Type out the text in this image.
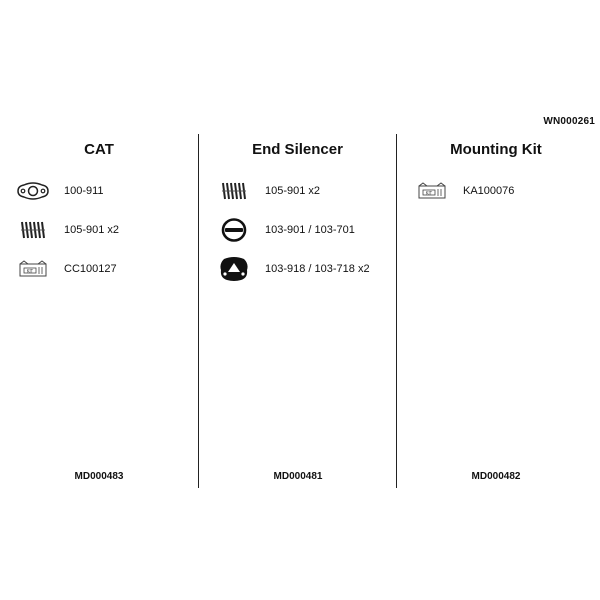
WN000261
CAT
100-911
105-901 x2
KIT	CC100127
MD000483
End Silencer
105-901 x2
103-901 / 103-701
103-918 / 103-718 x2
MD000481
Mounting Kit
KIT	KA100076
MD000482
